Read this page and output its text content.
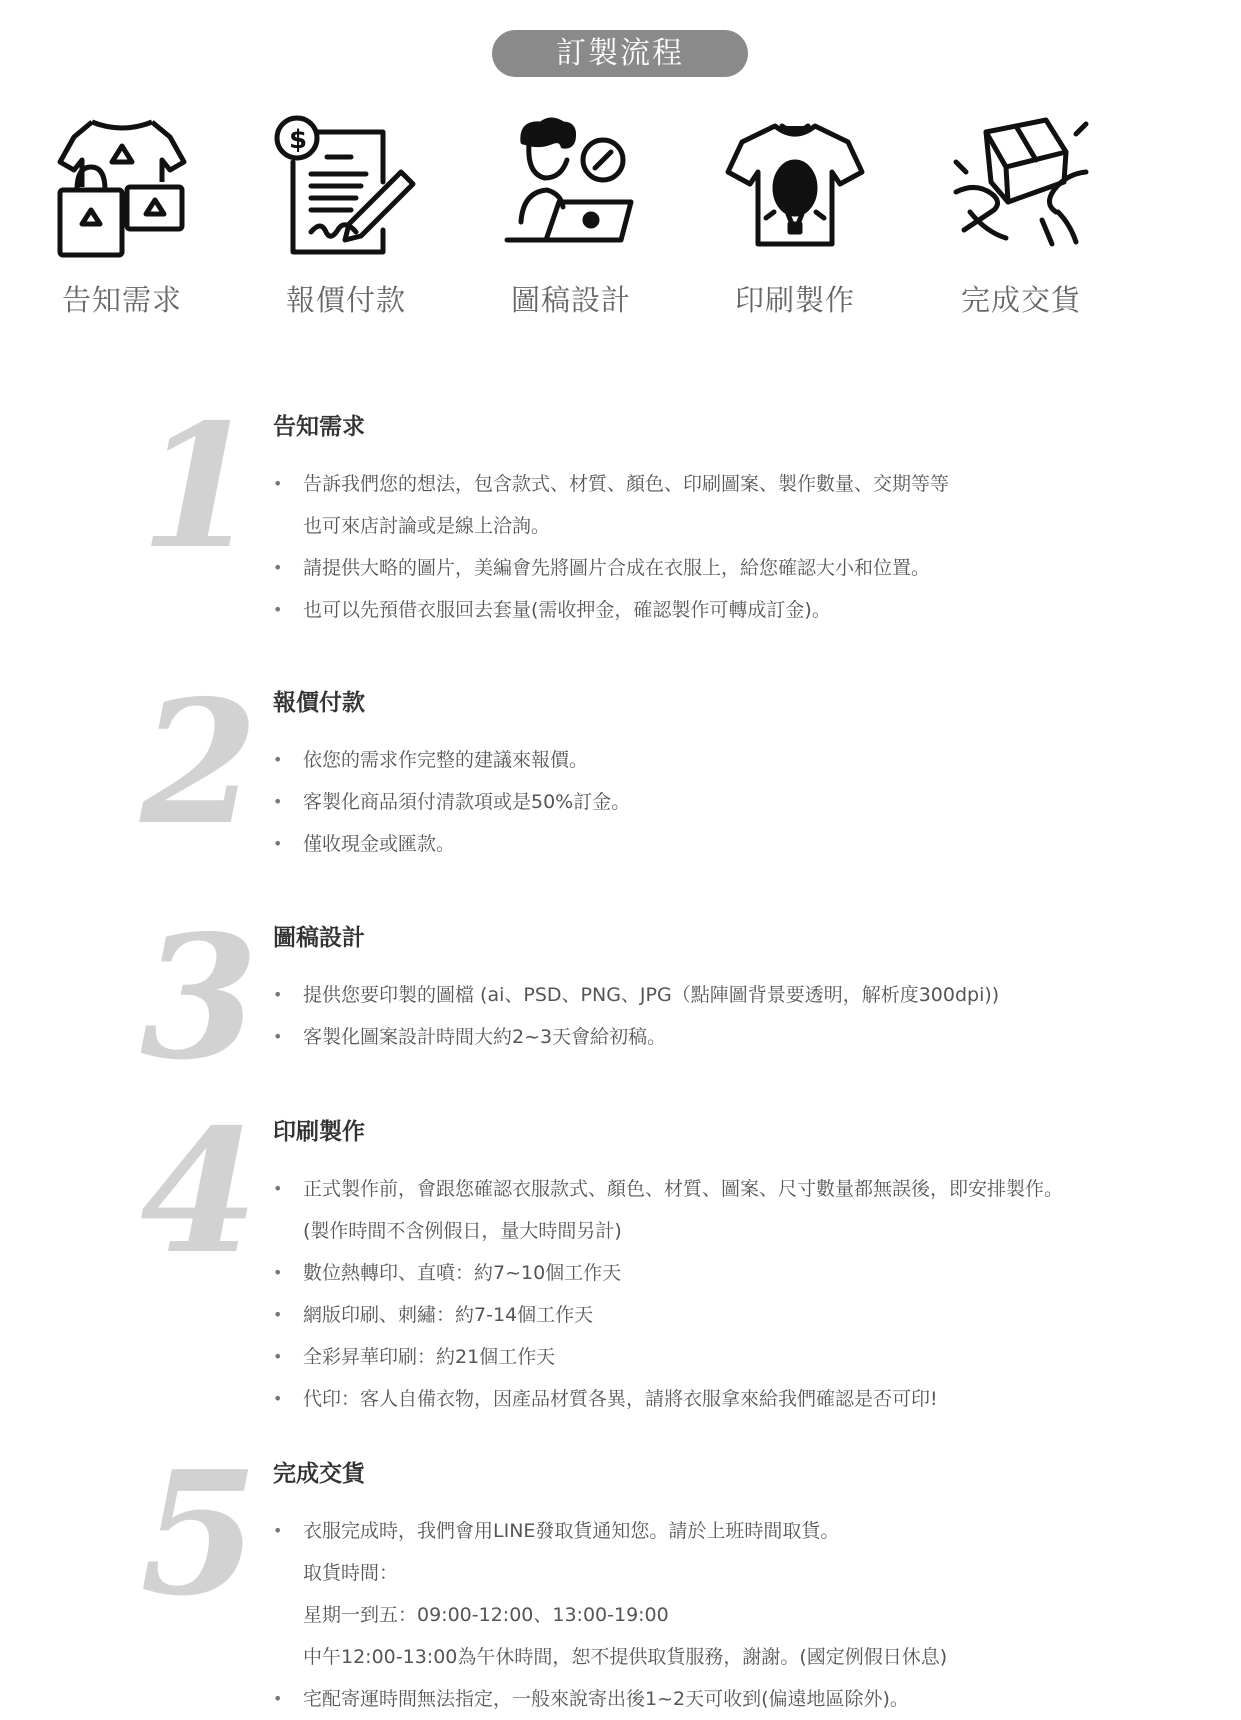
訂製流程
告知需求
$
報價付款	圖稿設計	印刷製作	完成交貨
1 告知需求
• 告訴我們您的想法，包含款式、材質、顏色、印刷圖案、製作數量、交期等等
也可來店討論或是線上洽詢。
• 請提供大略的圖片，美編會先將圖片合成在衣服上，給您確認大小和位置。
• 也可以先預借衣服回去套量(需收押金，確認製作可轉成訂金)。
2 報價付款
• 依您的需求作完整的建議來報價。
• 客製化商品須付清款項或是50%訂金。
• 僅收現金或匯款。
3 圖稿設計
• 提供您要印製的圖檔 (ai、PSD、PNG、JPG（點陣圖背景要透明，解析度300dpi))
• 客製化圖案設計時間大約2~3天會給初稿。
4 印刷製作
• 正式製作前，會跟您確認衣服款式、顏色、材質、圖案、尺寸數量都無誤後，即安排製作。
(製作時間不含例假日，量大時間另計)
• 數位熱轉印、直噴：約7~10個工作天
• 網版印刷、刺繡：約7-14個工作天
• 全彩昇華印刷：約21個工作天
• 代印：客人自備衣物，因產品材質各異，請將衣服拿來給我們確認是否可印!
5 完成交貨
• 衣服完成時，我們會用LINE發取貨通知您。請於上班時間取貨。
取貨時間：
星期一到五：09:00-12:00、13:00-19:00
中午12:00-13:00為午休時間，恕不提供取貨服務，謝謝。(國定例假日休息)
• 宅配寄運時間無法指定，一般來說寄出後1~2天可收到(偏遠地區除外)。
